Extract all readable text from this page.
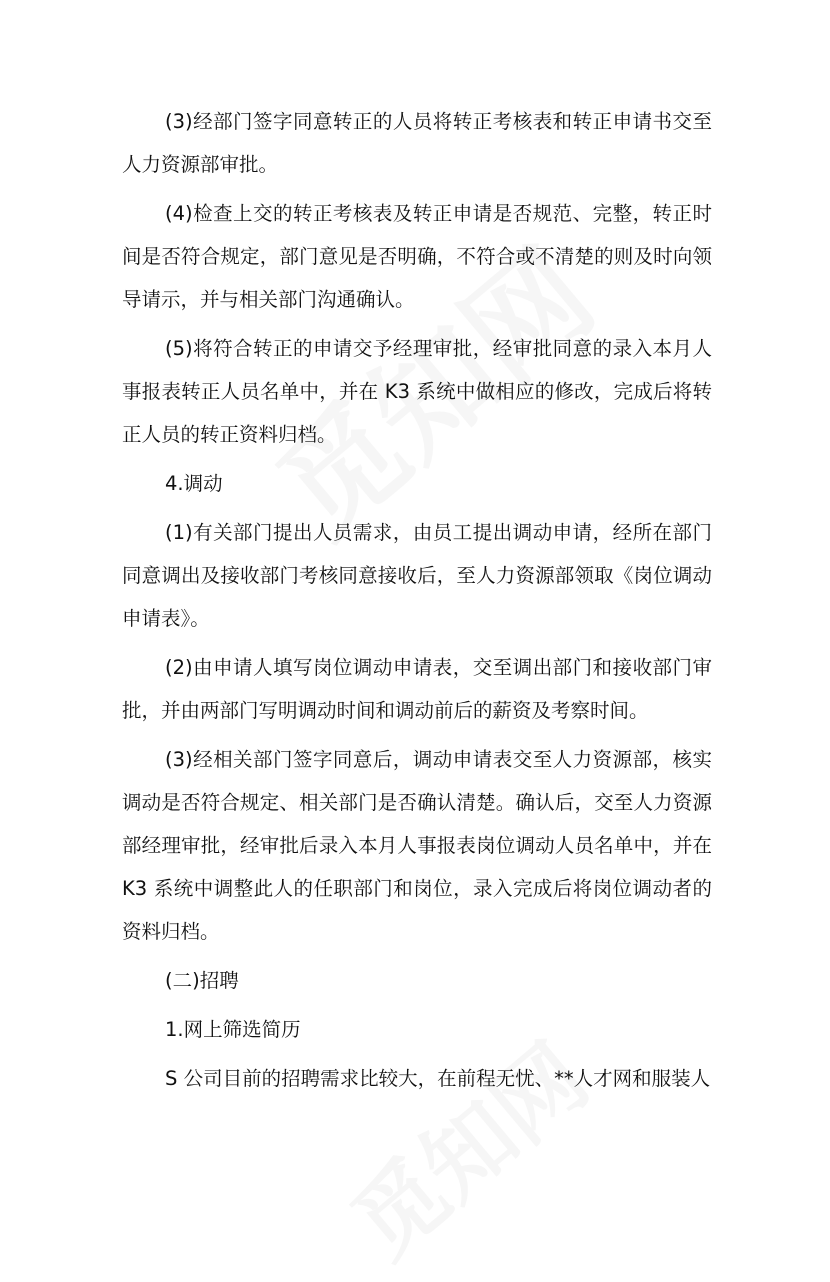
(3)经部门签字同意转正的人员将转正考核表和转正申请书交至人力资源部审批。

(4)检查上交的转正考核表及转正申请是否规范、完整，转正时间是否符合规定，部门意见是否明确，不符合或不清楚的则及时向领导请示，并与相关部门沟通确认。

(5)将符合转正的申请交予经理审批，经审批同意的录入本月人事报表转正人员名单中，并在 K3 系统中做相应的修改，完成后将转正人员的转正资料归档。

4.调动

(1)有关部门提出人员需求，由员工提出调动申请，经所在部门同意调出及接收部门考核同意接收后，至人力资源部领取《岗位调动申请表》。

(2)由申请人填写岗位调动申请表，交至调出部门和接收部门审批，并由两部门写明调动时间和调动前后的薪资及考察时间。

(3)经相关部门签字同意后，调动申请表交至人力资源部，核实调动是否符合规定、相关部门是否确认清楚。确认后，交至人力资源部经理审批，经审批后录入本月人事报表岗位调动人员名单中，并在 K3 系统中调整此人的任职部门和岗位，录入完成后将岗位调动者的资料归档。

(二)招聘

1.网上筛选简历

S 公司目前的招聘需求比较大，在前程无忧、**人才网和服装人
